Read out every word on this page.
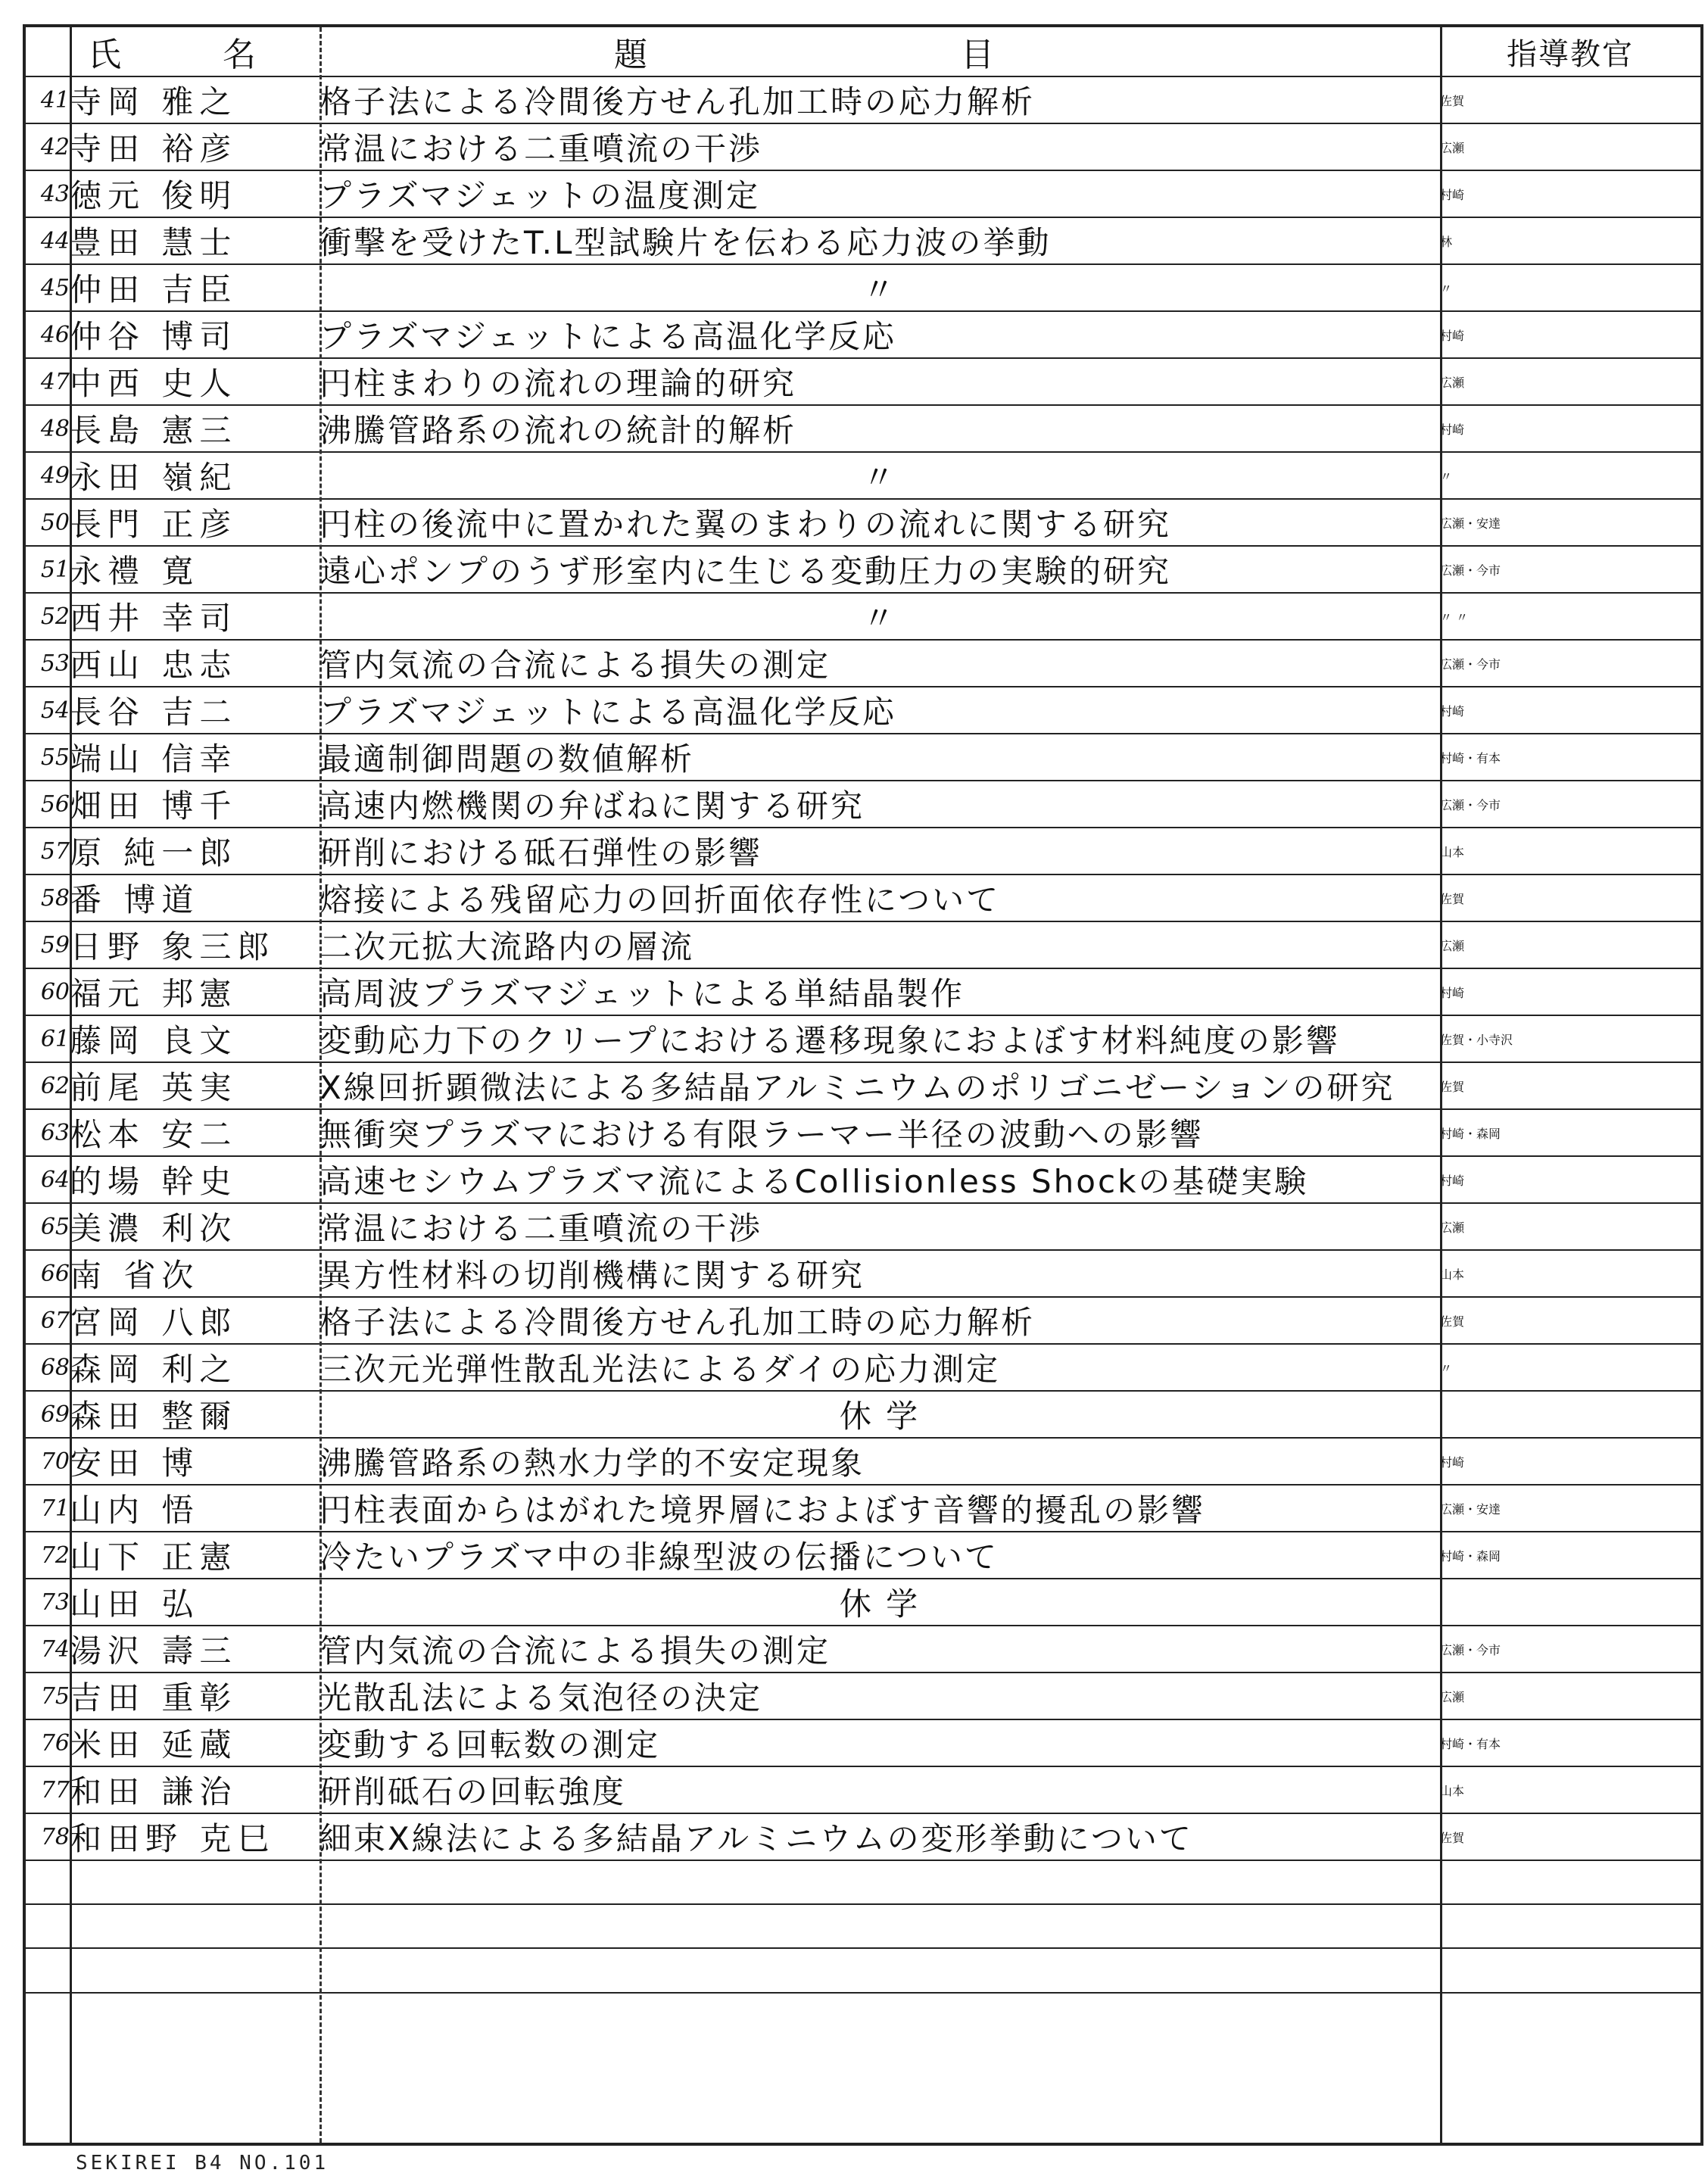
	氏 名	題 目	指導教官
41	寺岡 雅之	格子法による冷間後方せん孔加工時の応力解析	佐賀
42	寺田 裕彦	常温における二重噴流の干渉	広瀬
43	徳元 俊明	プラズマジェットの温度測定	村崎
44	豊田 慧士	衝撃を受けたT.L型試験片を伝わる応力波の挙動	林
45	仲田 吉臣	〃	〃
46	仲谷 博司	プラズマジェットによる高温化学反応	村崎
47	中西 史人	円柱まわりの流れの理論的研究	広瀬
48	長島 憲三	沸騰管路系の流れの統計的解析	村崎
49	永田 嶺紀	〃	〃
50	長門 正彦	円柱の後流中に置かれた翼のまわりの流れに関する研究	広瀬・安達
51	永禮 寛	遠心ポンプのうず形室内に生じる変動圧力の実験的研究	広瀬・今市
52	西井 幸司	〃	〃 〃
53	西山 忠志	管内気流の合流による損失の測定	広瀬・今市
54	長谷 吉二	プラズマジェットによる高温化学反応	村崎
55	端山 信幸	最適制御問題の数値解析	村崎・有本
56	畑田 博千	高速内燃機関の弁ばねに関する研究	広瀬・今市
57	原 純一郎	研削における砥石弾性の影響	山本
58	番 博道	熔接による残留応力の回折面依存性について	佐賀
59	日野 象三郎	二次元拡大流路内の層流	広瀬
60	福元 邦憲	高周波プラズマジェットによる単結晶製作	村崎
61	藤岡 良文	変動応力下のクリープにおける遷移現象におよぼす材料純度の影響	佐賀・小寺沢
62	前尾 英実	X線回折顕微法による多結晶アルミニウムのポリゴニゼーションの研究	佐賀
63	松本 安二	無衝突プラズマにおける有限ラーマー半径の波動への影響	村崎・森岡
64	的場 幹史	高速セシウムプラズマ流によるCollisionless Shockの基礎実験	村崎
65	美濃 利次	常温における二重噴流の干渉	広瀬
66	南 省次	異方性材料の切削機構に関する研究	山本
67	宮岡 八郎	格子法による冷間後方せん孔加工時の応力解析	佐賀
68	森岡 利之	三次元光弾性散乱光法によるダイの応力測定	〃
69	森田 整爾	休 学	
70	安田 博	沸騰管路系の熱水力学的不安定現象	村崎
71	山内 悟	円柱表面からはがれた境界層におよぼす音響的擾乱の影響	広瀬・安達
72	山下 正憲	冷たいプラズマ中の非線型波の伝播について	村崎・森岡
73	山田 弘	休 学	
74	湯沢 壽三	管内気流の合流による損失の測定	広瀬・今市
75	吉田 重彰	光散乱法による気泡径の決定	広瀬
76	米田 延蔵	変動する回転数の測定	村崎・有本
77	和田 謙治	研削砥石の回転強度	山本
78	和田野 克巳	細束X線法による多結晶アルミニウムの変形挙動について	佐賀

SEKIREI B4 NO.101
